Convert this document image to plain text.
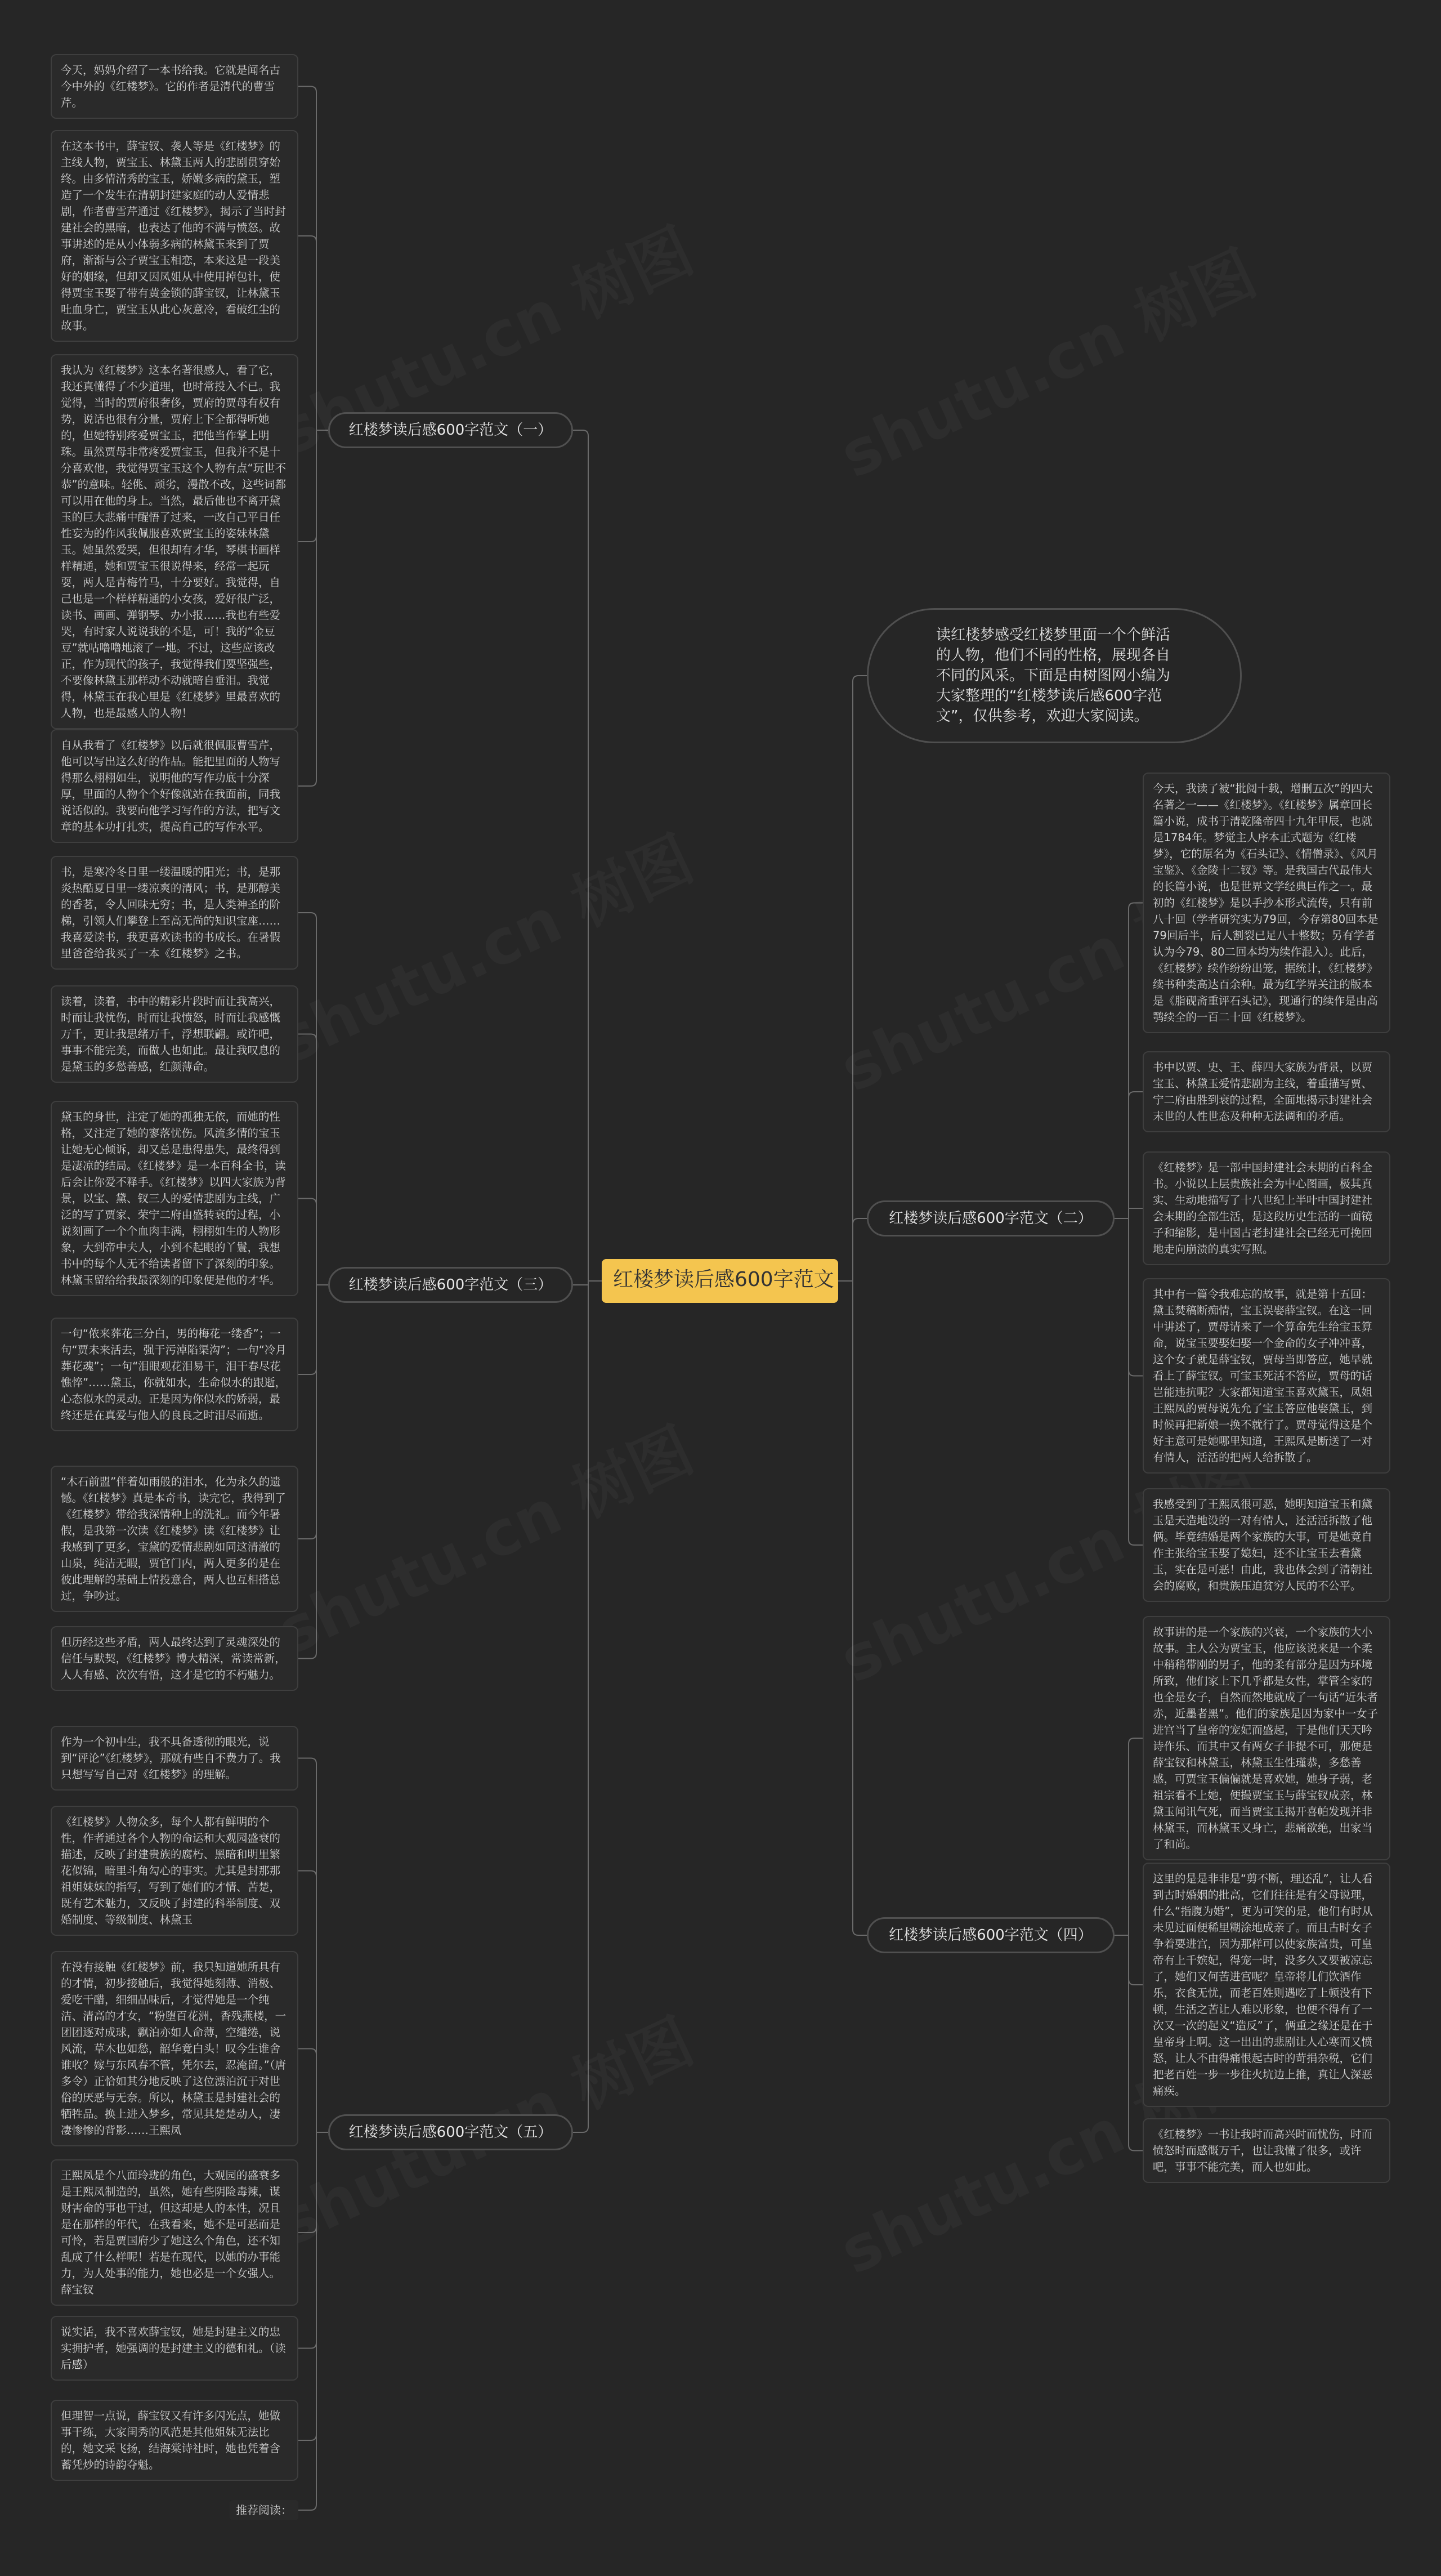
红楼梦读后感600字范文
读红楼梦感受红楼梦里面一个个鲜活的人物，他们不同的性格，展现各自不同的风采。下面是由树图网小编为大家整理的“红楼梦读后感600字范文”，仅供参考，欢迎大家阅读。
红楼梦读后感600字范文（一）
今天，妈妈介绍了一本书给我。它就是闻名古今中外的《红楼梦》。它的作者是清代的曹雪芹。
在这本书中，薛宝钗、袭人等是《红楼梦》的主线人物，贾宝玉、林黛玉两人的悲剧贯穿始终。由多情清秀的宝玉，娇嫩多病的黛玉，塑造了一个发生在清朝封建家庭的动人爱情悲剧，作者曹雪芹通过《红楼梦》，揭示了当时封建社会的黑暗，也表达了他的不满与愤怒。故事讲述的是从小体弱多病的林黛玉来到了贾府，渐渐与公子贾宝玉相恋，本来这是一段美好的姻缘，但却又因凤姐从中使用掉包计，使得贾宝玉娶了带有黄金锁的薛宝钗，让林黛玉吐血身亡，贾宝玉从此心灰意冷，看破红尘的故事。
我认为《红楼梦》这本名著很感人，看了它，我还真懂得了不少道理，也时常投入不已。我觉得，当时的贾府很奢侈，贾府的贾母有权有势，说话也很有分量，贾府上下全都得听她的，但她特别疼爱贾宝玉，把他当作掌上明珠。虽然贾母非常疼爱贾宝玉，但我并不是十分喜欢他，我觉得贾宝玉这个人物有点“玩世不恭”的意味。轻佻、顽劣，漫散不改，这些词都可以用在他的身上。当然，最后他也不离开黛玉的巨大悲痛中醒悟了过来，一改自己平日任性妄为的作风我佩服喜欢贾宝玉的姿妹林黛玉。她虽然爱哭，但很却有才华，琴棋书画样样精通，她和贾宝玉很说得来，经常一起玩耍，两人是青梅竹马，十分要好。我觉得，自己也是一个样样精通的小女孩，爱好很广泛，读书、画画、弹钢琴、办小报……我也有些爱哭，有时家人说说我的不是，可！我的“金豆豆”就咕噜噜地滚了一地。不过，这些应该改正，作为现代的孩子，我觉得我们要坚强些，不要像林黛玉那样动不动就暗自垂泪。我觉得，林黛玉在我心里是《红楼梦》里最喜欢的人物，也是最感人的人物！
自从我看了《红楼梦》以后就很佩服曹雪芹，他可以写出这么好的作品。能把里面的人物写得那么栩栩如生，说明他的写作功底十分深厚，里面的人物个个好像就站在我面前，同我说话似的。我要向他学习写作的方法，把写文章的基本功打扎实，提高自己的写作水平。
红楼梦读后感600字范文（三）
书，是寒冷冬日里一缕温暖的阳光；书，是那炎热酷夏日里一缕凉爽的清风；书，是那醇美的香茗，令人回味无穷；书，是人类神圣的阶梯，引领人们攀登上至高无尚的知识宝座……我喜爱读书，我更喜欢读书的书成长。在暑假里爸爸给我买了一本《红楼梦》之书。
读着，读着，书中的精彩片段时而让我高兴，时而让我忧伤，时而让我愤怒，时而让我感慨万千，更让我思绪万千，浮想联翩。或许吧，事事不能完美，而做人也如此。最让我叹息的是黛玉的多愁善感，红颜薄命。
黛玉的身世，注定了她的孤独无依，而她的性格，又注定了她的寥落忧伤。风流多情的宝玉让她无心倾诉，却又总是患得患失，最终得到是凄凉的结局。《红楼梦》是一本百科全书，读后会让你爱不释手。《红楼梦》以四大家族为背景，以宝、黛、钗三人的爱情悲剧为主线，广泛的写了贾家、荣宁二府由盛转衰的过程，小说刻画了一个个血肉丰满，栩栩如生的人物形象，大到帝中夫人，小到不起眼的丫鬟，我想书中的每个人无不给读者留下了深刻的印象。林黛玉留给给我最深刻的印象便是他的才华。
一句“侬来葬花三分白，男的梅花一缕香”；一句“贾未来活去，强于污淖陷渠沟”；一句“冷月葬花魂”；一句“泪眼观花泪易干，泪干春尽花憔悴”……黛玉，你就如水，生命似水的跟逝，心态似水的灵动。正是因为你似水的娇弱，最终还是在真爱与他人的良良之时泪尽而逝。
“木石前盟”伴着如雨般的泪水，化为永久的遗憾。《红楼梦》真是本奇书，读完它，我得到了《红楼梦》带给我深情种上的洗礼。而今年暑假，是我第一次读《红楼梦》读《红楼梦》让我感到了更多，宝黛的爱情悲剧如同这清澈的山泉，纯洁无暇，贾官门内，两人更多的是在彼此理解的基础上情投意合，两人也互相搭总过，争吵过。
但历经这些矛盾，两人最终达到了灵魂深处的信任与默契，《红楼梦》博大精深，常读常新，人人有感、次次有悟，这才是它的不朽魅力。
红楼梦读后感600字范文（五）
作为一个初中生，我不具备透彻的眼光，说到“评论”《红楼梦》，那就有些自不费力了。我只想写写自己对《红楼梦》的理解。
《红楼梦》人物众多，每个人都有鲜明的个性，作者通过各个人物的命运和大观园盛衰的描述，反映了封建贵族的腐朽、黑暗和明里繁花似锦，暗里斗角勾心的事实。尤其是封那那祖姐妹妹的指写，写到了她们的才情、苦楚，既有艺术魅力，又反映了封建的科举制度、双婚制度、等级制度、林黛玉
在没有接触《红楼梦》前，我只知道她所具有的才情，初步接触后，我觉得她刻薄、消极、爱吃干醋，细细品味后，才觉得她是一个纯洁、清高的才女，“粉堕百花洲，香残燕楼，一团团逐对成球，飘泊亦如人命薄，空缱绻，说风流，草木也如愁，韶华竟白头！叹今生谁舍谁收？嫁与东风春不管，凭尔去，忍淹留。”（唐多令）正恰如其分地反映了这位漂泊沉于对世俗的厌恶与无奈。所以，林黛玉是封建社会的牺牲品。换上进入梦乡，常见其楚楚动人，凄凄惨惨的背影……王熙凤
王熙凤是个八面玲珑的角色，大观园的盛衰多是王熙凤制造的，虽然，她有些阴险毒辣，谋财害命的事也干过，但这却是人的本性，况且是在那样的年代，在我看来，她不是可恶而是可怜，若是贾国府少了她这么个角色，还不知乱成了什么样呢！若是在现代，以她的办事能力，为人处事的能力，她也必是一个女强人。薛宝钗
说实话，我不喜欢薛宝钗，她是封建主义的忠实拥护者，她强调的是封建主义的德和礼。（读后感）
但理智一点说，薛宝钗又有许多闪光点，她做事干练，大家闺秀的风范是其他姐妹无法比的，她文采飞扬，结海棠诗社时，她也凭着含蓄凭炒的诗韵夺魁。
推荐阅读：
红楼梦读后感600字范文（二）
今天，我读了被“批阅十载，增删五次”的四大名著之一——《红楼梦》。《红楼梦》属章回长篇小说，成书于清乾隆帝四十九年甲辰，也就是1784年。梦觉主人序本正式题为《红楼梦》，它的原名为《石头记》、《情僧录》、《风月宝鉴》、《金陵十二钗》等。是我国古代最伟大的长篇小说，也是世界文学经典巨作之一。最初的《红楼梦》是以手抄本形式流传，只有前八十回（学者研究实为79回，今存第80回本是79回后半，后人割裂已足八十整数；另有学者认为今79、80二回本均为续作混入）。此后，《红楼梦》续作纷纷出笼，据统计，《红楼梦》续书种类高达百余种。最为红学界关注的版本是《脂砚斋重评石头记》，现通行的续作是由高鹗续全的一百二十回《红楼梦》。
书中以贾、史、王、薛四大家族为背景，以贾宝玉、林黛玉爱情悲剧为主线，着重描写贾、宁二府由胜到衰的过程，全面地揭示封建社会末世的人性世态及种种无法调和的矛盾。
《红楼梦》是一部中国封建社会末期的百科全书。小说以上层贵族社会为中心图画，极其真实、生动地描写了十八世纪上半叶中国封建社会末期的全部生活，是这段历史生活的一面镜子和缩影，是中国古老封建社会已经无可挽回地走向崩溃的真实写照。
其中有一篇令我难忘的故事，就是第十五回：黛玉焚稿断痴情，宝玉误娶薛宝钗。在这一回中讲述了，贾母请来了一个算命先生给宝玉算命，说宝玉要娶妇娶一个金命的女子冲冲喜，这个女子就是薛宝钗，贾母当即答应，她早就看上了薛宝钗。可宝玉死活不答应，贾母的话岂能违抗呢？大家都知道宝玉喜欢黛玉，凤姐王熙凤的贾母说先允了宝玉答应他娶黛玉，到时候再把新娘一换不就行了。贾母觉得这是个好主意可是她哪里知道，王熙凤是断送了一对有情人，活活的把两人给拆散了。
我感受到了王熙凤很可恶，她明知道宝玉和黛玉是天造地设的一对有情人，还活活拆散了他俩。毕竟结婚是两个家族的大事，可是她竟自作主张给宝玉娶了媳妇，还不让宝玉去看黛玉，实在是可恶！由此，我也体会到了清朝社会的腐败，和贵族压迫贫穷人民的不公平。
红楼梦读后感600字范文（四）
故事讲的是一个家族的兴衰，一个家族的大小故事。主人公为贾宝玉，他应该说来是一个柔中稍稍带刚的男子，他的柔有部分是因为环境所致，他们家上下几乎都是女性，掌管全家的也全是女子，自然而然地就成了一句话“近朱者赤，近墨者黑”。他们的家族是因为家中一女子进宫当了皇帝的宠妃而盛起，于是他们天天吟诗作乐、而其中又有两女子非提不可，那便是薛宝钗和林黛玉，林黛玉生性瑾恭，多愁善感，可贾宝玉偏偏就是喜欢她，她身子弱，老祖宗看不上她，便撮贾宝玉与薛宝钗成亲，林黛玉闻讯气死，而当贾宝玉揭开喜帕发现并非林黛玉，而林黛玉又身亡，悲痛欲绝，出家当了和尚。
这里的是是非非是“剪不断，理还乱”，让人看到古时婚姻的批高，它们往往是有父母说理，什么“指腹为婚”，更为可笑的是，他们有时从未见过面便稀里糊涂地成亲了。而且古时女子争着要进宫，因为那样可以使家族富贵，可皇帝有上千嫔妃，得宠一时，没多久又要被凉忘了，她们又何苦进宫呢？皇帝将儿们饮酒作乐，衣食无忧，而老百姓则遇吃了上顿没有下顿，生活之苦让人难以形象，也便不得有了一次又一次的起义“造反”了，俩重之缘还是在于皇帝身上啊。这一出出的悲剧让人心寒而又愤怒，让人不由得痛恨起古时的苛捐杂税，它们把老百姓一步一步往火坑边上推，真让人深恶痛疾。
《红楼梦》一书让我时而高兴时而忧伤，时而愤怒时而感慨万千，也让我懂了很多，或许吧，事事不能完美，而人也如此。
